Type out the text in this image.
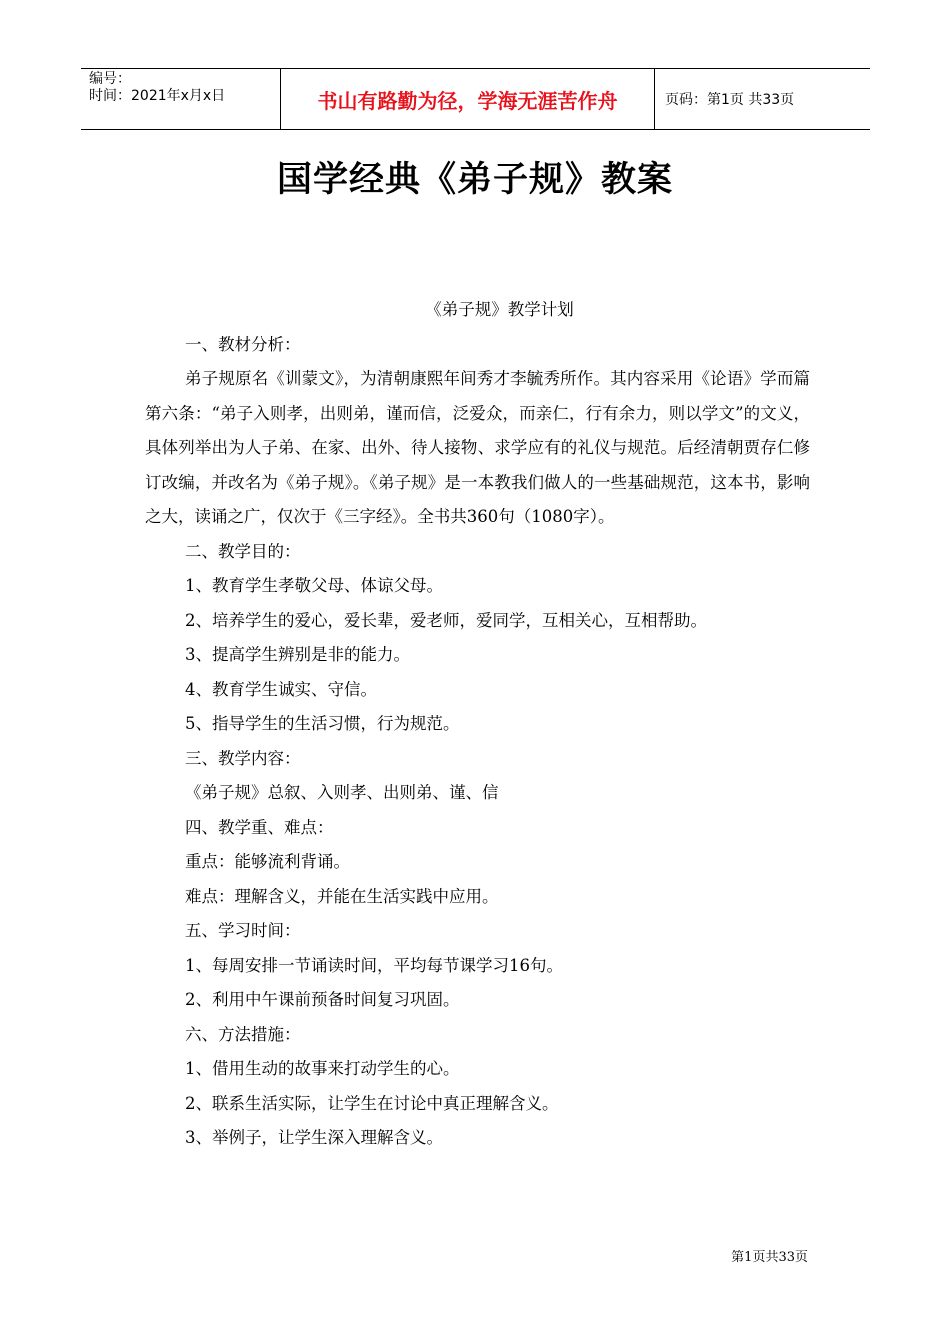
编号：
时间：2021年x月x日	书山有路勤为径，学海无涯苦作舟	页码：第1页 共33页
国学经典《弟子规》教案
《弟子规》教学计划
一、教材分析：
弟子规原名《训蒙文》，为清朝康熙年间秀才李毓秀所作。其内容采用《论语》学而篇第六条：“弟子入则孝，出则弟，谨而信，泛爱众，而亲仁，行有余力，则以学文”的文义，具体列举出为人子弟、在家、出外、待人接物、求学应有的礼仪与规范。后经清朝贾存仁修订改编，并改名为《弟子规》。《弟子规》是一本教我们做人的一些基础规范，这本书，影响之大，读诵之广，仅次于《三字经》。全书共360句（1080字）。
二、教学目的：
1、教育学生孝敬父母、体谅父母。
2、培养学生的爱心，爱长辈，爱老师，爱同学，互相关心，互相帮助。
3、提高学生辨别是非的能力。
4、教育学生诚实、守信。
5、指导学生的生活习惯，行为规范。
三、教学内容：
《弟子规》总叙、入则孝、出则弟、谨、信
四、教学重、难点：
重点：能够流利背诵。
难点：理解含义，并能在生活实践中应用。
五、学习时间：
1、每周安排一节诵读时间，平均每节课学习16句。
2、利用中午课前预备时间复习巩固。
六、方法措施：
1、借用生动的故事来打动学生的心。
2、联系生活实际，让学生在讨论中真正理解含义。
3、举例子，让学生深入理解含义。
第1页共33页
